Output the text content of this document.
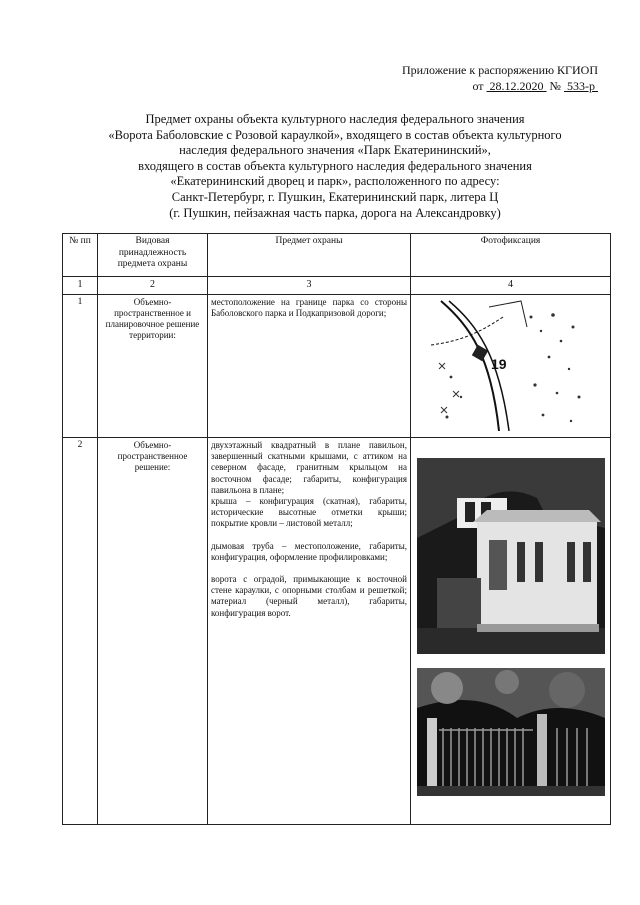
Приложение к распоряжению КГИОП
от 28.12.2020 № 533-р
Предмет охраны объекта культурного наследия федерального значения
«Ворота Баболовские с Розовой караулкой», входящего в состав объекта культурного
наследия федерального значения «Парк Екатерининский»,
входящего в состав объекта культурного наследия федерального значения
«Екатерининский дворец и парк», расположенного по адресу:
Санкт-Петербург, г. Пушкин, Екатерининский парк, литера Ц
(г. Пушкин, пейзажная часть парка, дорога на Александровку)
№ пп	Видовая принадлежность предмета охраны	Предмет охраны	Фотофиксация
1	2	3	4
1	Объемно-пространственное и планировочное решение территории:	местоположение на границе парка со стороны Баболовского парка и Подкапризовой дороги;	19

2	Объемно-пространственное решение:	двухэтажный квадратный в плане павильон, завершенный скатными крышами, с аттиком на северном фасаде, гранитным крыльцом на восточном фасаде; габариты, конфигурация павильона в плане;

крыша – конфигурация (скатная), габариты, исторические высотные отметки крыши; покрытие кровли – листовой металл;

дымовая труба – местоположение, габариты, конфигурация, оформление профилировками;

ворота с оградой, примыкающие к восточной стене караулки, с опорными столбам и решеткой; материал (черный металл), габариты, конфигурация ворот.
